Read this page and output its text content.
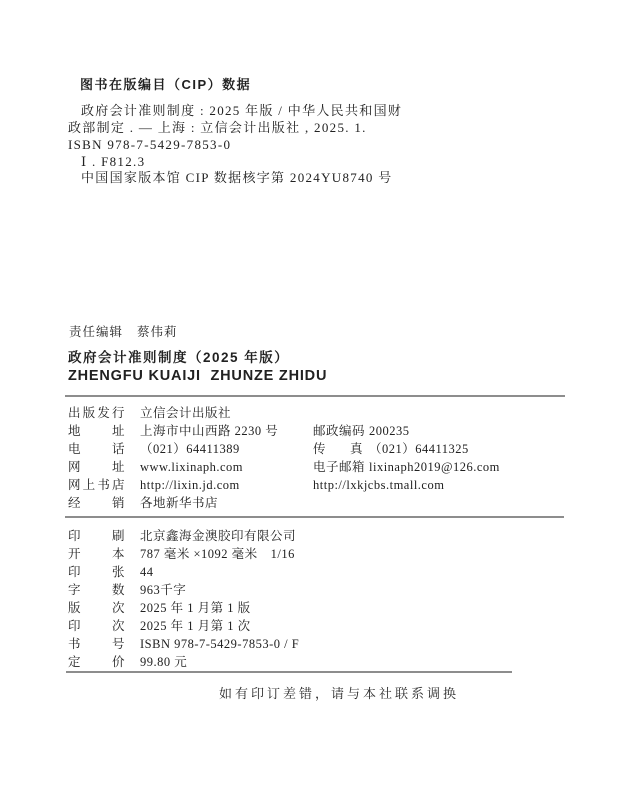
图书在版编目（CIP）数据

政府会计准则制度 : 2025 年版 / 中华人民共和国财

政部制定 . — 上海 : 立信会计出版社 , 2025. 1.

ISBN 978-7-5429-7853-0

Ⅰ . F812.3

中国国家版本馆 CIP 数据核字第 2024YU8740 号

责任编辑 蔡伟莉
政府会计准则制度（2025 年版）
ZHENGFU KUAIJI  ZHUNZE ZHIDU
出 版 发 行 立信会计出版社
地 址 上海市中山西路 2230 号	邮 政 编 码 200235
电 话 （021）64411389	传 真 （021）64411325
网 址 www.lixinaph.com	电 子 邮 箱 lixinaph2019@126.com
网 上 书 店 http://lixin.jd.com	http://lxkjcbs.tmall.com
经 销 各地新华书店
印 刷 北京鑫海金澳胶印有限公司
开 本 787 毫米 ×1092 毫米　1/16
印 张 44
字 数 963千字
版 次 2025 年 1 月第 1 版
印 次 2025 年 1 月第 1 次
书 号 ISBN 978-7-5429-7853-0 / F
定 价 99.80 元
如有印订差错，请与本社联系调换
